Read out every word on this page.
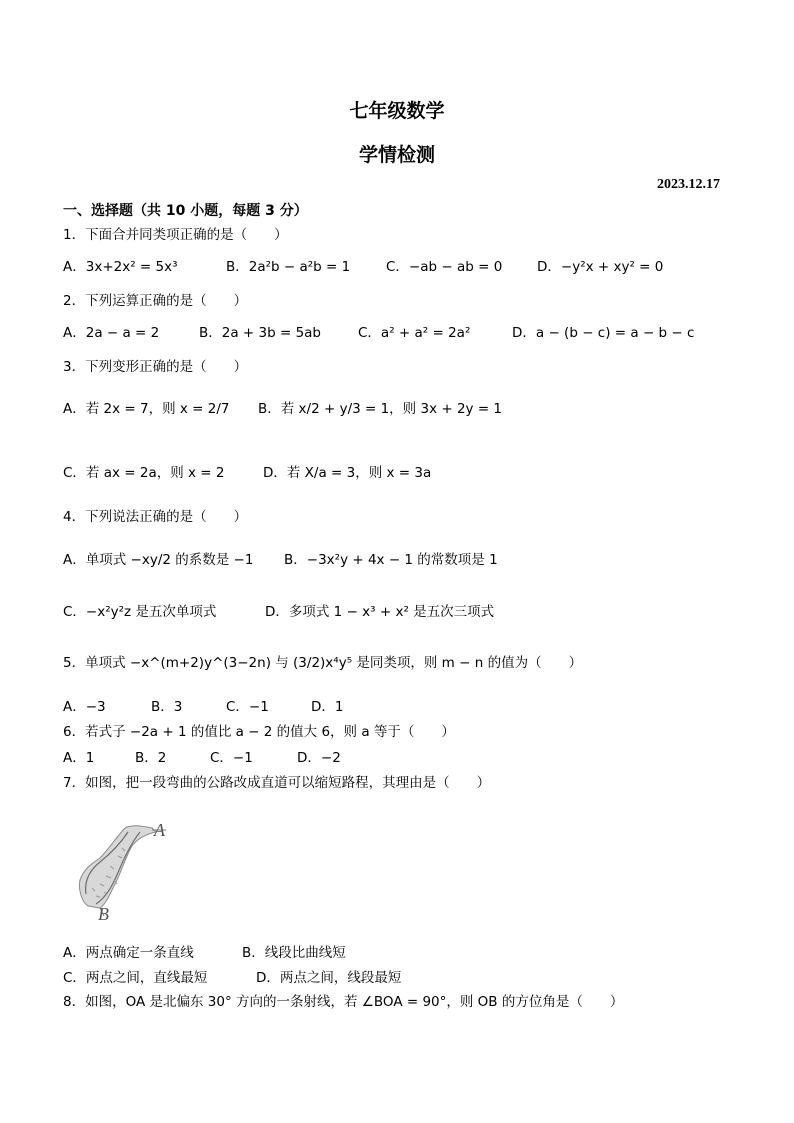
七年级数学
学情检测
2023.12.17
一、选择题（共 10 小题，每题 3 分）
1．下面合并同类项正确的是（　　）
A．3x+2x² = 5x³	B．2a²b − a²b = 1	C．−ab − ab = 0	D．−y²x + xy² = 0
2．下列运算正确的是（　　）
A．2a − a = 2	B．2a + 3b = 5ab	C．a² + a² = 2a²	D．a − (b − c) = a − b − c
3．下列变形正确的是（　　）
A．若 2x = 7，则 x = 2/7 B．若 x/2 + y/3 = 1，则 3x + 2y = 1
C．若 ax = 2a，则 x = 2	D．若 X/a = 3，则 x = 3a
4．下列说法正确的是（　　）
A．单项式 −xy/2 的系数是 −1 B．−3x²y + 4x − 1 的常数项是 1
C．−x²y²z 是五次单项式	D．多项式 1 − x³ + x² 是五次三项式
5．单项式 −x^(m+2)y^(3−2n) 与 (3/2)x⁴y⁵ 是同类项，则 m − n 的值为（　　）
A．−3	B．3	C．−1	D．1
6．若式子 −2a + 1 的值比 a − 2 的值大 6，则 a 等于（　　）
A．1	B．2	C．−1	D．−2
7．如图，把一段弯曲的公路改成直道可以缩短路程，其理由是（　　）
A
B
A．两点确定一条直线	B．线段比曲线短
C．两点之间，直线最短	D．两点之间，线段最短
8．如图，OA 是北偏东 30° 方向的一条射线，若 ∠BOA = 90°，则 OB 的方位角是（　　）
